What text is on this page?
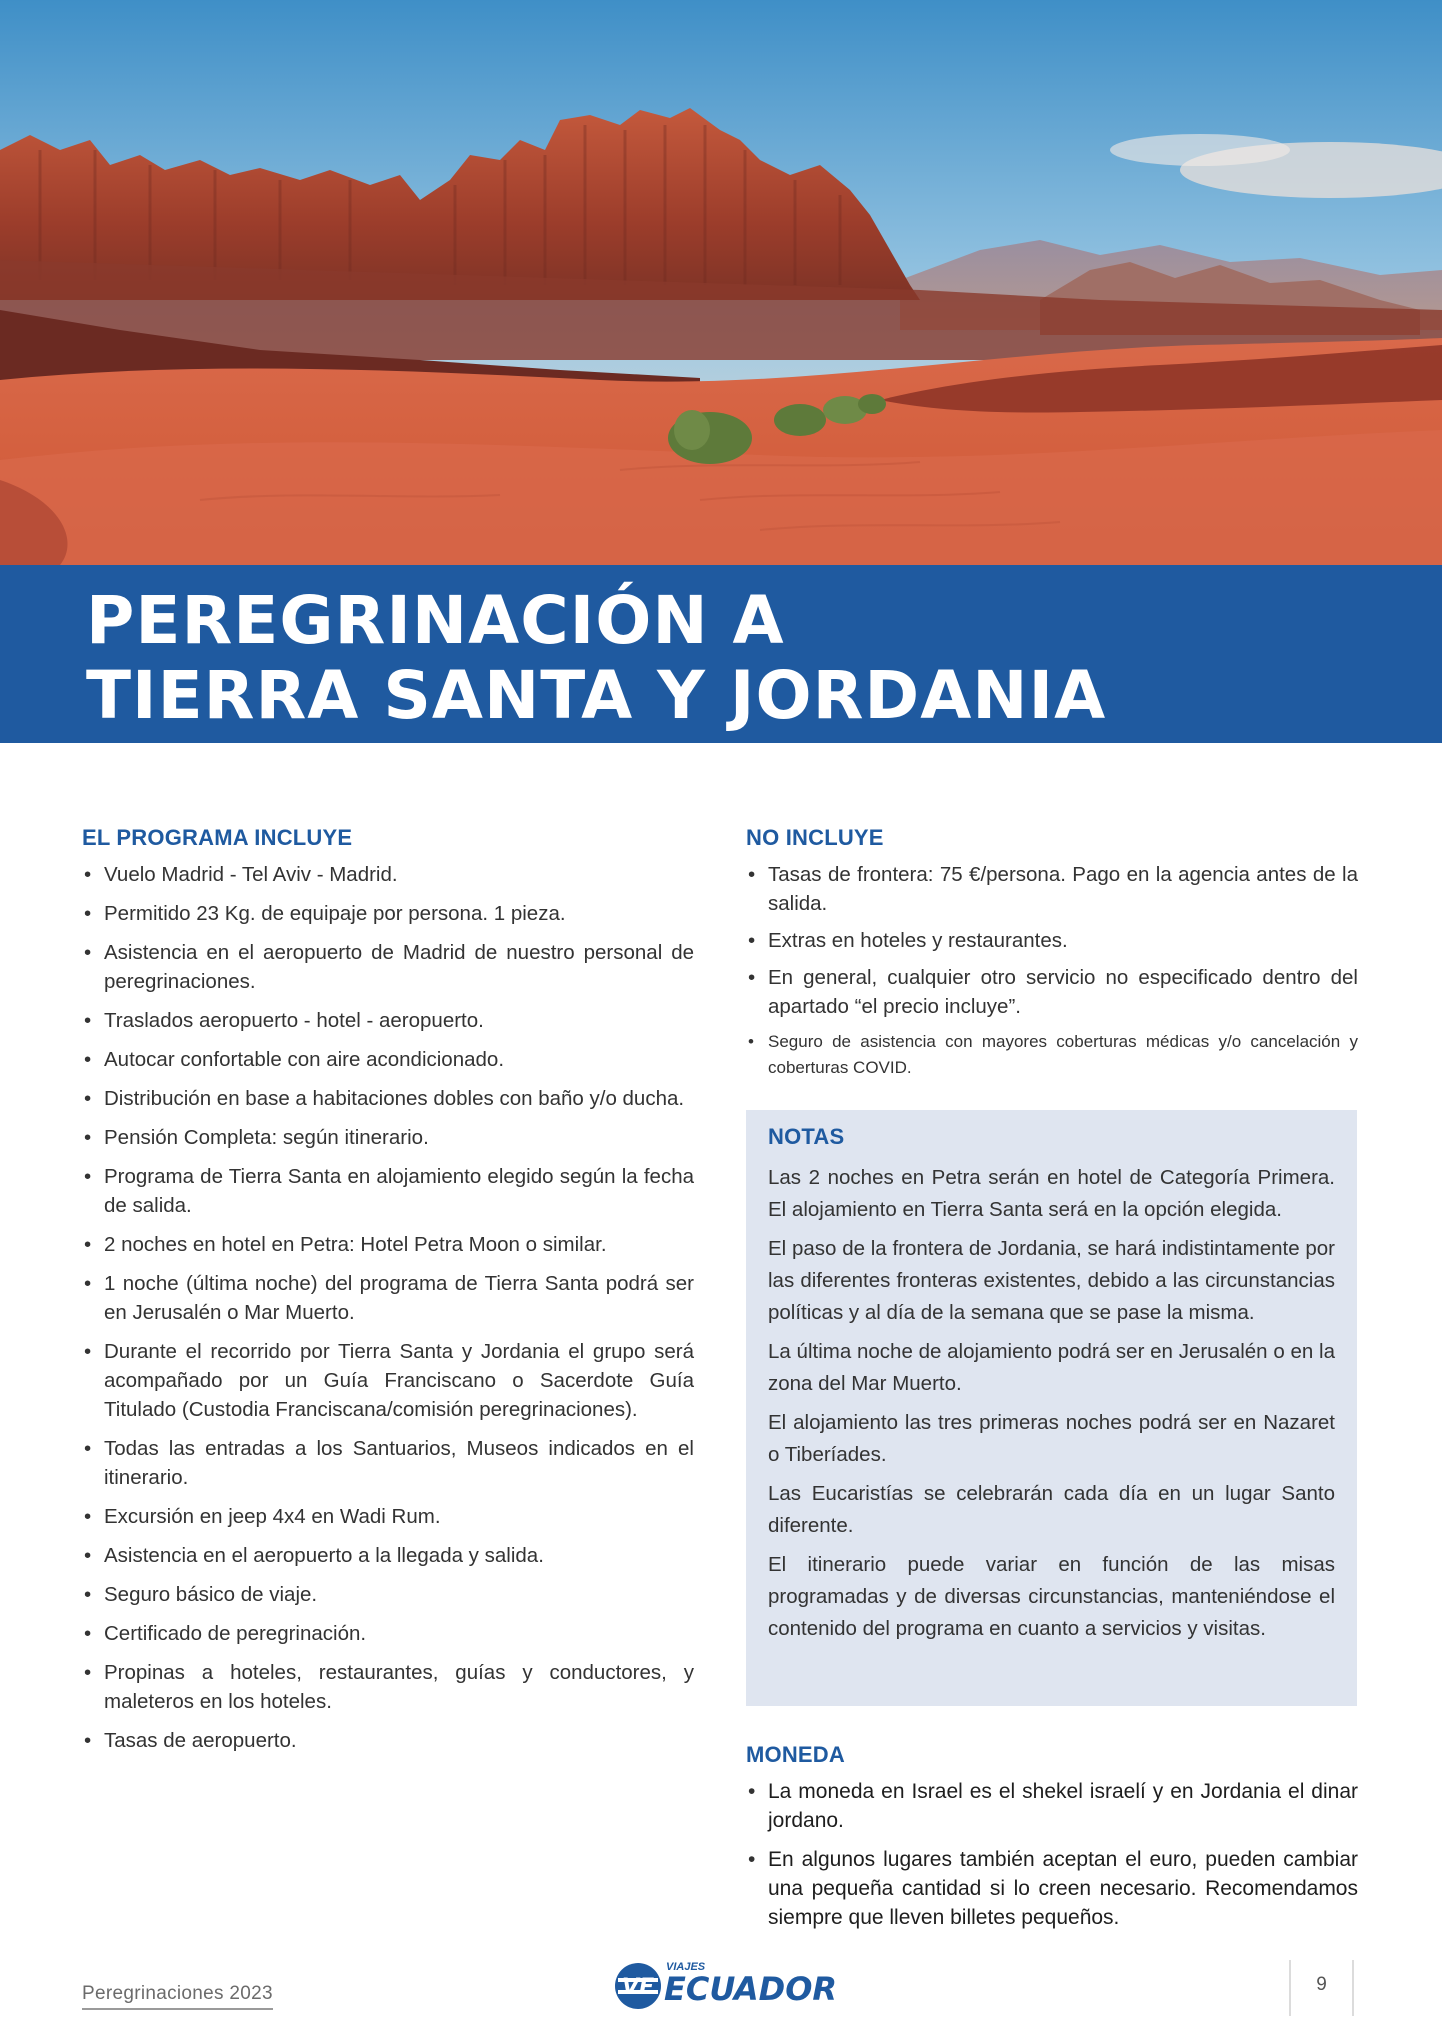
PEREGRINACIÓN A
TIERRA SANTA Y JORDANIA
EL PROGRAMA INCLUYE
• Vuelo Madrid - Tel Aviv - Madrid.
• Permitido 23 Kg. de equipaje por persona. 1 pieza.
• Asistencia en el aeropuerto de Madrid de nuestro personal de peregrinaciones.
• Traslados aeropuerto - hotel - aeropuerto.
• Autocar confortable con aire acondicionado.
• Distribución en base a habitaciones dobles con baño y/o ducha.
• Pensión Completa: según itinerario.
• Programa de Tierra Santa en alojamiento elegido según la fecha de salida.
• 2 noches en hotel en Petra: Hotel Petra Moon o similar.
• 1 noche (última noche) del programa de Tierra Santa podrá ser en Jerusalén o Mar Muerto.
• Durante el recorrido por Tierra Santa y Jordania el grupo será acompañado por un Guía Franciscano o Sacerdote Guía Titulado (Custodia Franciscana/comisión peregrinaciones).
• Todas las entradas a los Santuarios, Museos indicados en el itinerario.
• Excursión en jeep 4x4 en Wadi Rum.
• Asistencia en el aeropuerto a la llegada y salida.
• Seguro básico de viaje.
• Certificado de peregrinación.
• Propinas a hoteles, restaurantes, guías y conductores, y maleteros en los hoteles.
• Tasas de aeropuerto.
NO INCLUYE
• Tasas de frontera: 75 €/persona. Pago en la agencia antes de la salida.
• Extras en hoteles y restaurantes.
• En general, cualquier otro servicio no especificado dentro del apartado “el precio incluye”.
• Seguro de asistencia con mayores coberturas médicas y/o cancelación y coberturas COVID.
NOTAS

Las 2 noches en Petra serán en hotel de Categoría Primera. El alojamiento en Tierra Santa será en la opción elegida.

El paso de la frontera de Jordania, se hará indistintamente por las diferentes fronteras existentes, debido a las circunstancias políticas y al día de la semana que se pase la misma.

La última noche de alojamiento podrá ser en Jerusalén o en la zona del Mar Muerto.

El alojamiento las tres primeras noches podrá ser en Nazaret o Tiberíades.

Las Eucaristías se celebrarán cada día en un lugar Santo diferente.

El itinerario puede variar en función de las misas programadas y de diversas circunstancias, manteniéndose el contenido del programa en cuanto a servicios y visitas.

MONEDA
• La moneda en Israel es el shekel israelí y en Jordania el dinar jordano.
• En algunos lugares también aceptan el euro, pueden cambiar una pequeña cantidad si lo creen necesario. Recomendamos siempre que lleven billetes pequeños.
Peregrinaciones 2023	VE
VIAJES
ECUADOR	9
